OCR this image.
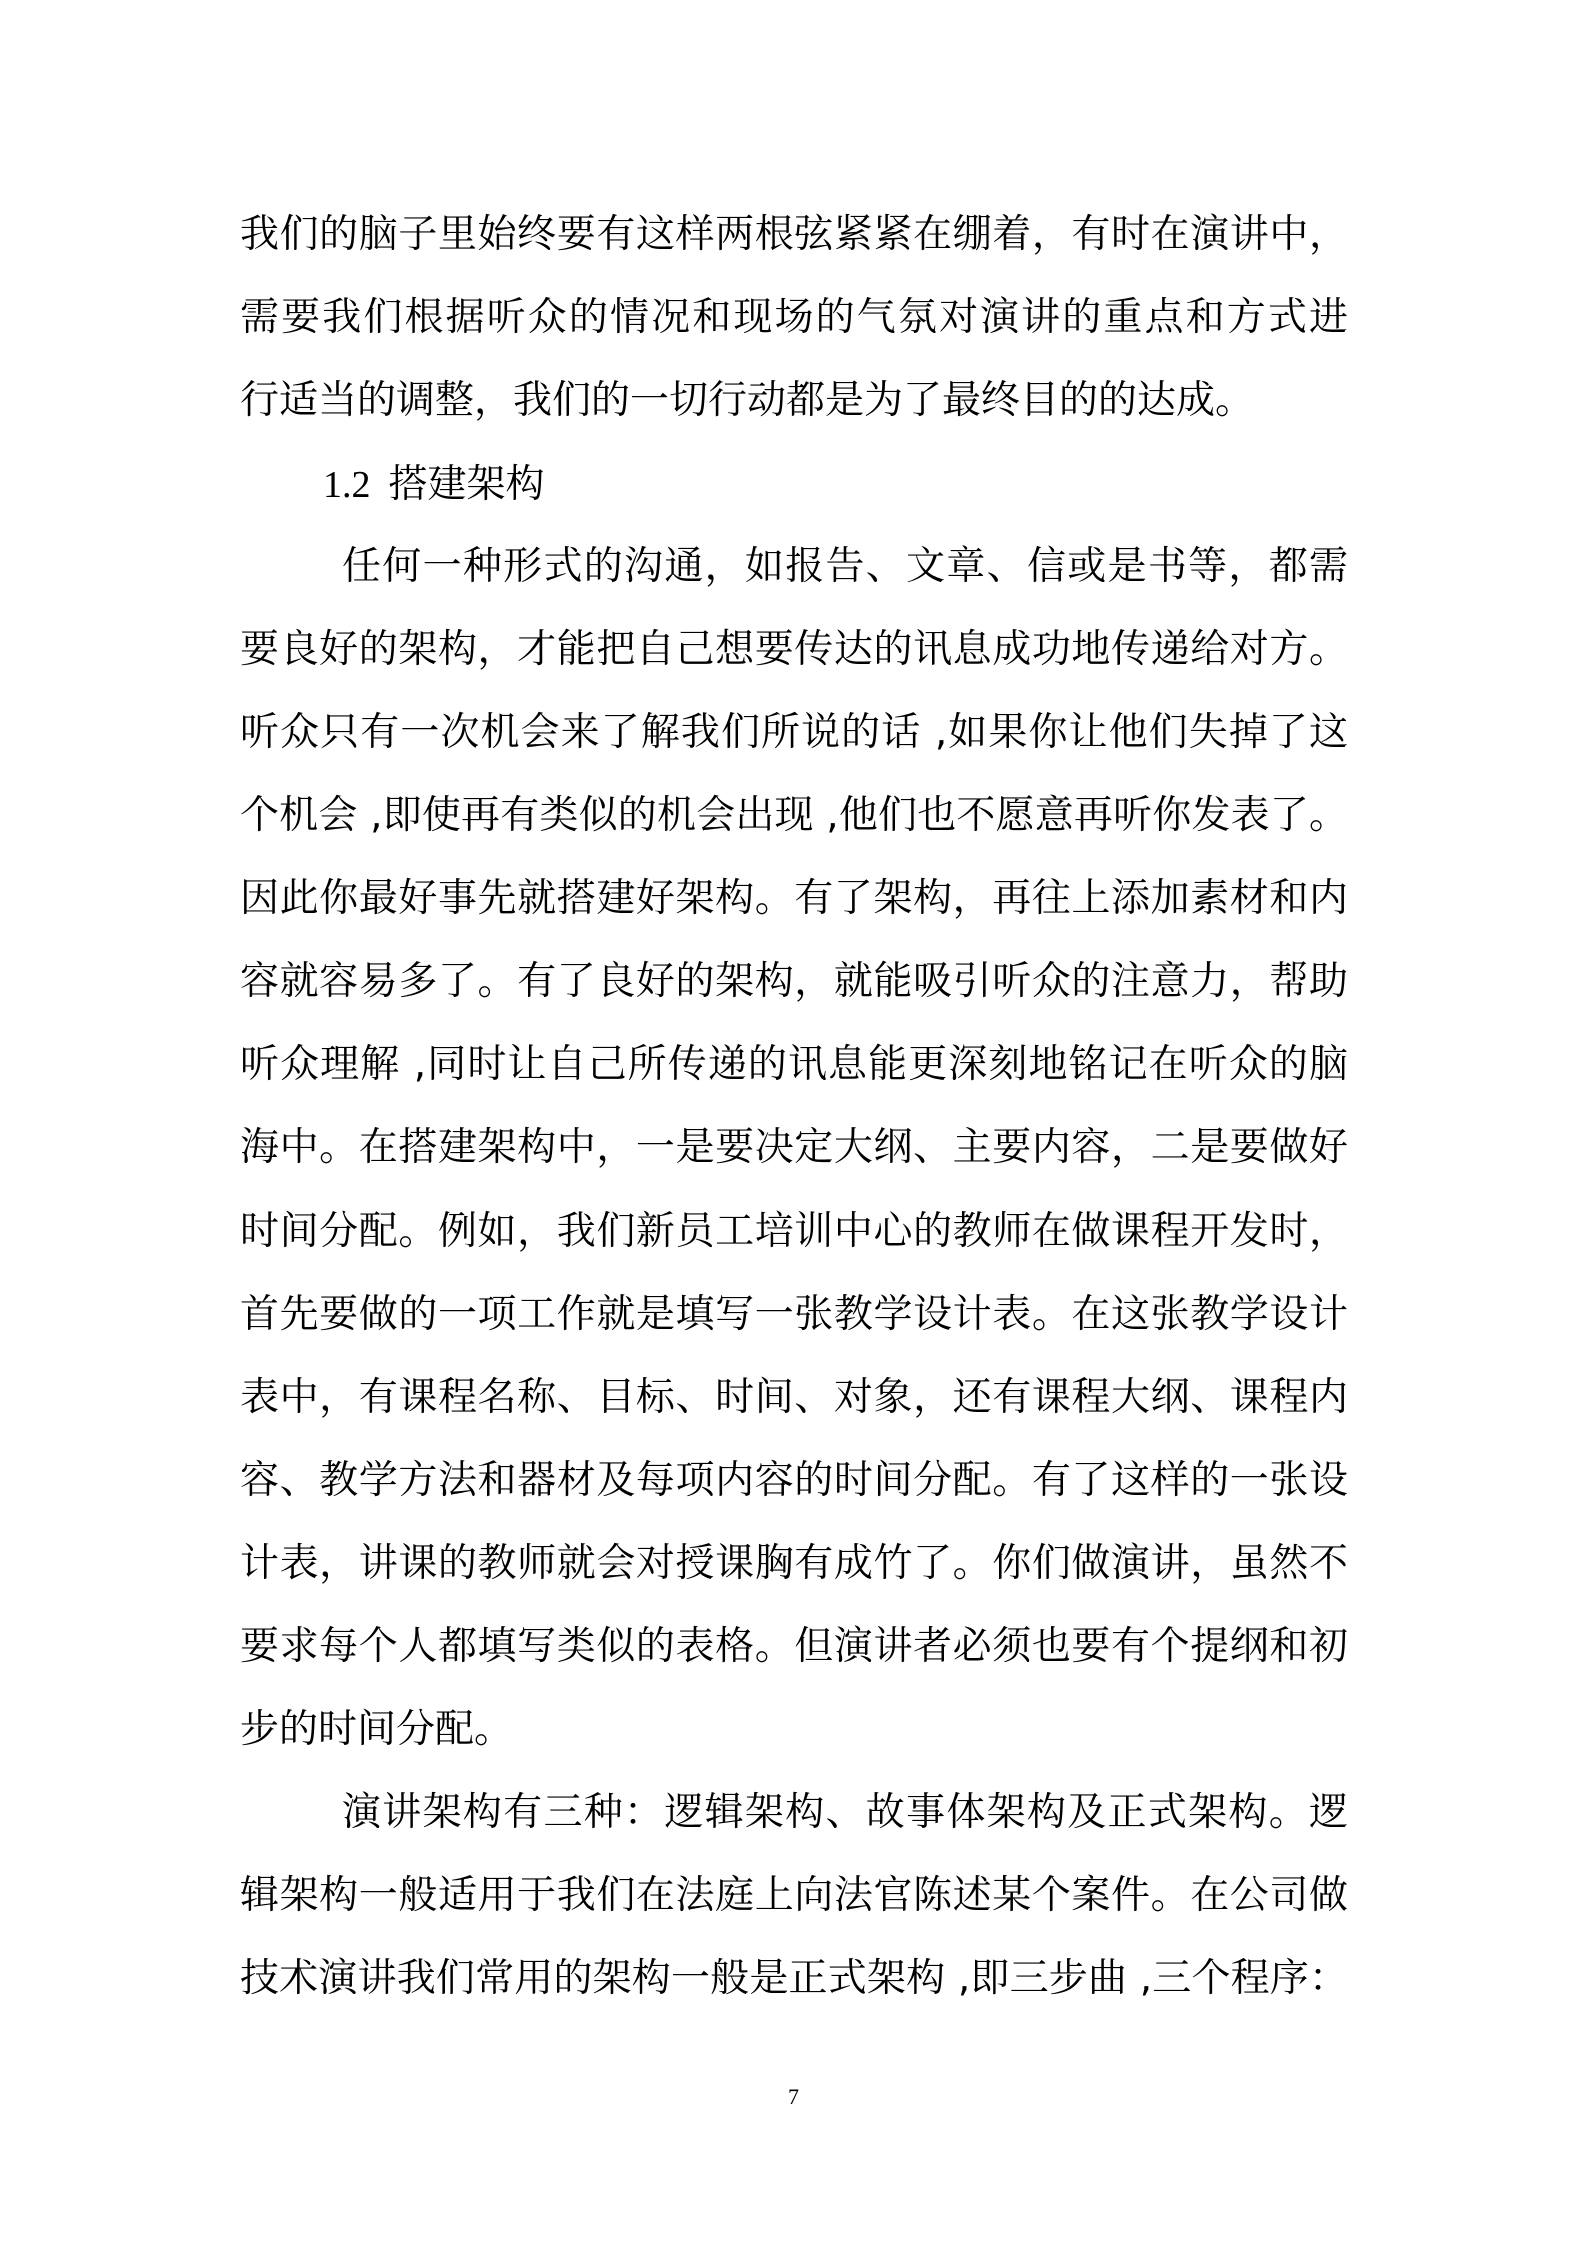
我们的脑子里始终要有这样两根弦紧紧在绷着，有时在演讲中，
需要我们根据听众的情况和现场的气氛对演讲的重点和方式进
行适当的调整，我们的一切行动都是为了最终目的的达成。
1.2 搭建架构
任何一种形式的沟通，如报告、文章、信或是书等，都需
要良好的架构，才能把自己想要传达的讯息成功地传递给对方。
听众只有一次机会来了解我们所说的话 ,如果你让他们失掉了这
个机会 ,即使再有类似的机会出现 ,他们也不愿意再听你发表了。
因此你最好事先就搭建好架构。有了架构，再往上添加素材和内
容就容易多了。有了良好的架构，就能吸引听众的注意力，帮助
听众理解 ,同时让自己所传递的讯息能更深刻地铭记在听众的脑
海中。在搭建架构中，一是要决定大纲、主要内容，二是要做好
时间分配。例如，我们新员工培训中心的教师在做课程开发时，
首先要做的一项工作就是填写一张教学设计表。在这张教学设计
表中，有课程名称、目标、时间、对象，还有课程大纲、课程内
容、教学方法和器材及每项内容的时间分配。有了这样的一张设
计表，讲课的教师就会对授课胸有成竹了。你们做演讲，虽然不
要求每个人都填写类似的表格。但演讲者必须也要有个提纲和初
步的时间分配。
演讲架构有三种：逻辑架构、故事体架构及正式架构。逻
辑架构一般适用于我们在法庭上向法官陈述某个案件。在公司做
技术演讲我们常用的架构一般是正式架构 ,即三步曲 ,三个程序：
7
